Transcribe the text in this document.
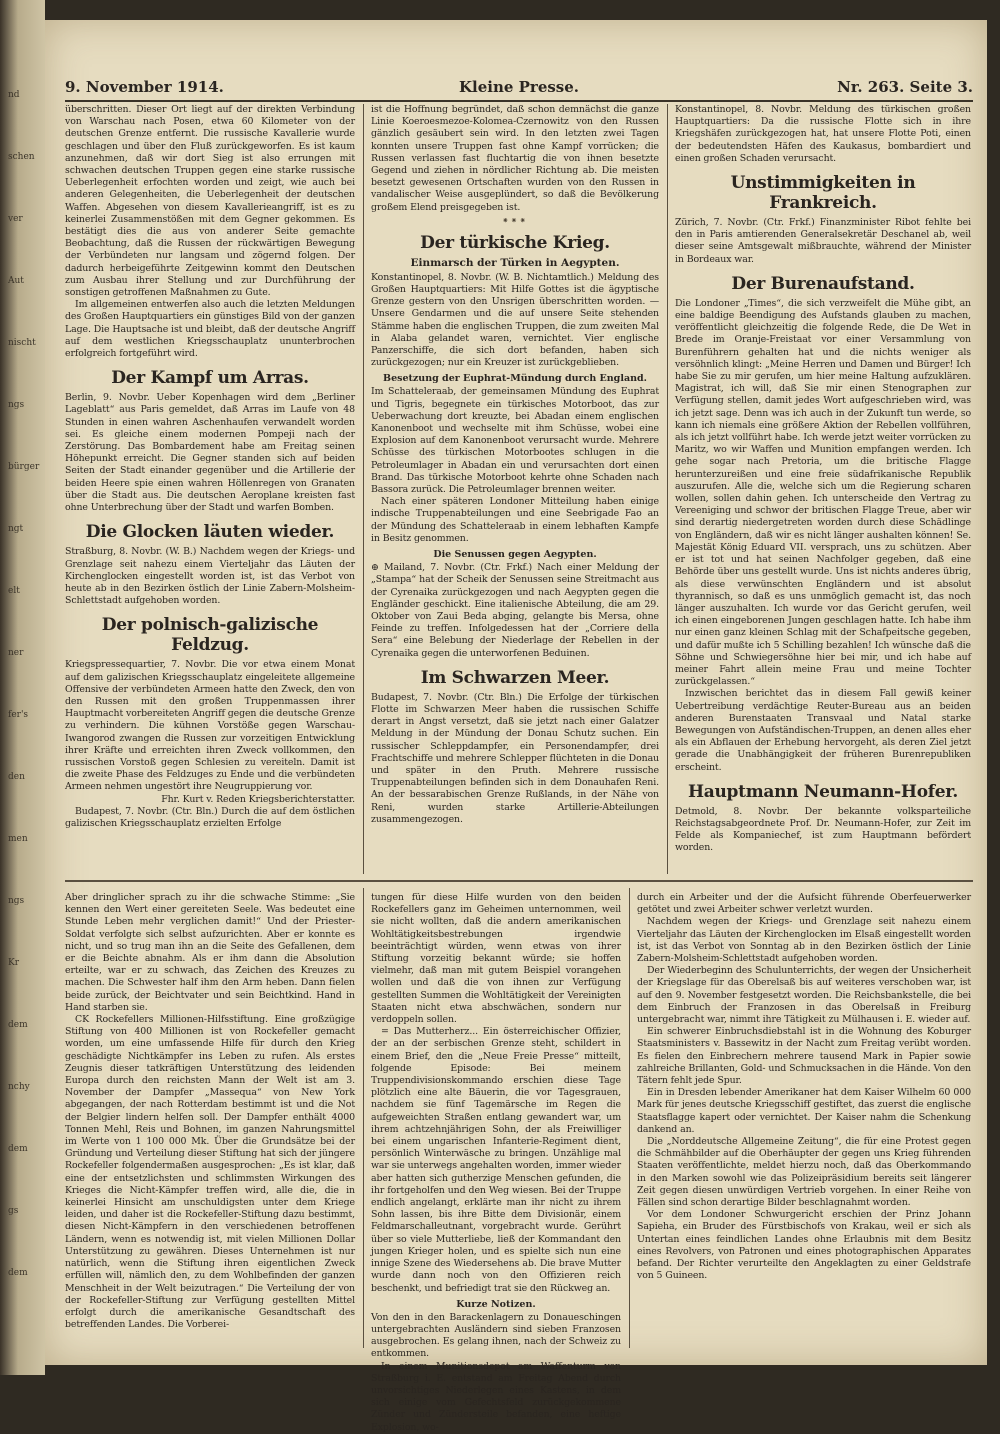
nd
schen
ver
Aut
nischt
ngs
bürger
ngt
elt
ner
fer's
den
men
ngs
Kr
dem
nchy
dem
gs
dem
9. November 1914.	Kleine Presse.	Nr. 263. Seite 3.

überschritten. Dieser Ort liegt auf der direkten Verbindung von Warschau nach Posen, etwa 60 Kilometer von der deutschen Grenze entfernt. Die russische Kavallerie wurde geschlagen und über den Fluß zurückgeworfen. Es ist kaum anzunehmen, daß wir dort Sieg ist also errungen mit schwachen deutschen Truppen gegen eine starke russische Ueberlegenheit erfochten worden und zeigt, wie auch bei anderen Gelegenheiten, die Ueberlegenheit der deutschen Waffen. Abgesehen von diesem Kavallerieangriff, ist es zu keinerlei Zusammenstößen mit dem Gegner gekommen. Es bestätigt dies die aus von anderer Seite gemachte Beobachtung, daß die Russen der rückwärtigen Bewegung der Verbündeten nur langsam und zögernd folgen. Der dadurch herbeigeführte Zeitgewinn kommt den Deutschen zum Ausbau ihrer Stellung und zur Durchführung der sonstigen getroffenen Maßnahmen zu Gute.

Im allgemeinen entwerfen also auch die letzten Meldungen des Großen Hauptquartiers ein günstiges Bild von der ganzen Lage. Die Hauptsache ist und bleibt, daß der deutsche Angriff auf dem westlichen Kriegsschauplatz ununterbrochen erfolgreich fortgeführt wird.

Der Kampf um Arras.

Berlin, 9. Novbr. Ueber Kopenhagen wird dem „Berliner Lageblatt“ aus Paris gemeldet, daß Arras im Laufe von 48 Stunden in einen wahren Aschenhaufen verwandelt worden sei. Es gleiche einem modernen Pompeji nach der Zerstörung. Das Bombardement habe am Freitag seinen Höhepunkt erreicht. Die Gegner standen sich auf beiden Seiten der Stadt einander gegenüber und die Artillerie der beiden Heere spie einen wahren Höllenregen von Granaten über die Stadt aus. Die deutschen Aeroplane kreisten fast ohne Unterbrechung über der Stadt und warfen Bomben.

Die Glocken läuten wieder.

Straßburg, 8. Novbr. (W. B.) Nachdem wegen der Kriegs- und Grenzlage seit nahezu einem Vierteljahr das Läuten der Kirchenglocken eingestellt worden ist, ist das Verbot von heute ab in den Bezirken östlich der Linie Zabern-Molsheim-Schlettstadt aufgehoben worden.

Der polnisch-galizische Feldzug.

Kriegspressequartier, 7. Novbr. Die vor etwa einem Monat auf dem galizischen Kriegsschauplatz eingeleitete allgemeine Offensive der verbündeten Armeen hatte den Zweck, den von den Russen mit den großen Truppenmassen ihrer Hauptmacht vorbereiteten Angriff gegen die deutsche Grenze zu verhindern. Die kühnen Vorstöße gegen Warschau-Iwangorod zwangen die Russen zur vorzeitigen Entwicklung ihrer Kräfte und erreichten ihren Zweck vollkommen, den russischen Vorstoß gegen Schlesien zu vereiteln. Damit ist die zweite Phase des Feldzuges zu Ende und die verbündeten Armeen nehmen ungestört ihre Neugruppierung vor.

Fhr. Kurt v. Reden Kriegsberichterstatter.

Budapest, 7. Novbr. (Ctr. Bln.) Durch die auf dem östlichen galizischen Kriegsschauplatz erzielten Erfolge

ist die Hoffnung begründet, daß schon demnächst die ganze Linie Koeroesmezoe-Kolomea-Czernowitz von den Russen gänzlich gesäubert sein wird. In den letzten zwei Tagen konnten unsere Truppen fast ohne Kampf vorrücken; die Russen verlassen fast fluchtartig die von ihnen besetzte Gegend und ziehen in nördlicher Richtung ab. Die meisten besetzt gewesenen Ortschaften wurden von den Russen in vandalischer Weise ausgeplündert, so daß die Bevölkerung großem Elend preisgegeben ist.

⁕⁕⁕
Der türkische Krieg.
Einmarsch der Türken in Aegypten.

Konstantinopel, 8. Novbr. (W. B. Nichtamtlich.) Meldung des Großen Hauptquartiers: Mit Hilfe Gottes ist die ägyptische Grenze gestern von den Unsrigen überschritten worden. — Unsere Gendarmen und die auf unsere Seite stehenden Stämme haben die englischen Truppen, die zum zweiten Mal in Alaba gelandet waren, vernichtet. Vier englische Panzerschiffe, die sich dort befanden, haben sich zurückgezogen; nur ein Kreuzer ist zurückgeblieben.

Besetzung der Euphrat-Mündung durch England.

Im Schatteleraab, der gemeinsamen Mündung des Euphrat und Tigris, begegnete ein türkisches Motorboot, das zur Ueberwachung dort kreuzte, bei Abadan einem englischen Kanonenboot und wechselte mit ihm Schüsse, wobei eine Explosion auf dem Kanonenboot verursacht wurde. Mehrere Schüsse des türkischen Motorbootes schlugen in die Petroleumlager in Abadan ein und verursachten dort einen Brand. Das türkische Motorboot kehrte ohne Schaden nach Bassora zurück. Die Petroleumlager brennen weiter.

Nach einer späteren Londoner Mitteilung haben einige indische Truppenabteilungen und eine Seebrigade Fao an der Mündung des Schatteleraab in einem lebhaften Kampfe in Besitz genommen.

Die Senussen gegen Aegypten.

⊕ Mailand, 7. Novbr. (Ctr. Frkf.) Nach einer Meldung der „Stampa“ hat der Scheik der Senussen seine Streitmacht aus der Cyrenaika zurückgezogen und nach Aegypten gegen die Engländer geschickt. Eine italienische Abteilung, die am 29. Oktober von Zaui Beda abging, gelangte bis Mersa, ohne Feinde zu treffen. Infolgedessen hat der „Corriere della Sera“ eine Belebung der Niederlage der Rebellen in der Cyrenaika gegen die unterworfenen Beduinen.

Im Schwarzen Meer.

Budapest, 7. Novbr. (Ctr. Bln.) Die Erfolge der türkischen Flotte im Schwarzen Meer haben die russischen Schiffe derart in Angst versetzt, daß sie jetzt nach einer Galatzer Meldung in der Mündung der Donau Schutz suchen. Ein russischer Schleppdampfer, ein Personendampfer, drei Frachtschiffe und mehrere Schlepper flüchteten in die Donau und später in den Pruth. Mehrere russische Truppenabteilungen befinden sich in dem Donauhafen Reni. An der bessarabischen Grenze Rußlands, in der Nähe von Reni, wurden starke Artillerie-Abteilungen zusammengezogen.

Konstantinopel, 8. Novbr. Meldung des türkischen großen Hauptquartiers: Da die russische Flotte sich in ihre Kriegshäfen zurückgezogen hat, hat unsere Flotte Poti, einen der bedeutendsten Häfen des Kaukasus, bombardiert und einen großen Schaden verursacht.

Unstimmigkeiten in Frankreich.

Zürich, 7. Novbr. (Ctr. Frkf.) Finanzminister Ribot fehlte bei den in Paris amtierenden Generalsekretär Deschanel ab, weil dieser seine Amtsgewalt mißbrauchte, während der Minister in Bordeaux war.

Der Burenaufstand.

Die Londoner „Times“, die sich verzweifelt die Mühe gibt, an eine baldige Beendigung des Aufstands glauben zu machen, veröffentlicht gleichzeitig die folgende Rede, die De Wet in Brede im Oranje-Freistaat vor einer Versammlung von Burenführern gehalten hat und die nichts weniger als versöhnlich klingt: „Meine Herren und Damen und Bürger! Ich habe Sie zu mir gerufen, um hier meine Haltung aufzuklären. Magistrat, ich will, daß Sie mir einen Stenographen zur Verfügung stellen, damit jedes Wort aufgeschrieben wird, was ich jetzt sage. Denn was ich auch in der Zukunft tun werde, so kann ich niemals eine größere Aktion der Rebellen vollführen, als ich jetzt vollführt habe. Ich werde jetzt weiter vorrücken zu Maritz, wo wir Waffen und Munition empfangen werden. Ich gehe sogar nach Pretoria, um die britische Flagge herunterzureißen und eine freie südafrikanische Republik auszurufen. Alle die, welche sich um die Regierung scharen wollen, sollen dahin gehen. Ich unterscheide den Vertrag zu Vereeniging und schwor der britischen Flagge Treue, aber wir sind derartig niedergetreten worden durch diese Schädlinge von Engländern, daß wir es nicht länger aushalten können! Se. Majestät König Eduard VII. versprach, uns zu schützen. Aber er ist tot und hat seinen Nachfolger gegeben, daß eine Behörde über uns gestellt wurde. Uns ist nichts anderes übrig, als diese verwünschten Engländern und ist absolut thyrannisch, so daß es uns unmöglich gemacht ist, das noch länger auszuhalten. Ich wurde vor das Gericht gerufen, weil ich einen eingeborenen Jungen geschlagen hatte. Ich habe ihm nur einen ganz kleinen Schlag mit der Schafpeitsche gegeben, und dafür mußte ich 5 Schilling bezahlen! Ich wünsche daß die Söhne und Schwiegersöhne hier bei mir, und ich habe auf meiner Fahrt allein meine Frau und meine Tochter zurückgelassen.“

Inzwischen berichtet das in diesem Fall gewiß keiner Uebertreibung verdächtige Reuter-Bureau aus an beiden anderen Burenstaaten Transvaal und Natal starke Bewegungen von Aufständischen-Truppen, an denen alles eher als ein Abflauen der Erhebung hervorgeht, als deren Ziel jetzt gerade die Unabhängigkeit der früheren Burenrepubliken erscheint.

Hauptmann Neumann-Hofer.

Detmold, 8. Novbr. Der bekannte volksparteiliche Reichstagsabgeordnete Prof. Dr. Neumann-Hofer, zur Zeit im Felde als Kompaniechef, ist zum Hauptmann befördert worden.

Aber dringlicher sprach zu ihr die schwache Stimme: „Sie kennen den Wert einer gereiteten Seele. Was bedeutet eine Stunde Leben mehr verglichen damit!“ Und der Priester-Soldat verfolgte sich selbst aufzurichten. Aber er konnte es nicht, und so trug man ihn an die Seite des Gefallenen, dem er die Beichte abnahm. Als er ihm dann die Absolution erteilte, war er zu schwach, das Zeichen des Kreuzes zu machen. Die Schwester half ihm den Arm heben. Dann fielen beide zurück, der Beichtvater und sein Beichtkind. Hand in Hand starben sie.

CK Rockefellers Millionen-Hilfsstiftung. Eine großzügige Stiftung von 400 Millionen ist von Rockefeller gemacht worden, um eine umfassende Hilfe für durch den Krieg geschädigte Nichtkämpfer ins Leben zu rufen. Als erstes Zeugnis dieser tatkräftigen Unterstützung des leidenden Europa durch den reichsten Mann der Welt ist am 3. November der Dampfer „Massequa“ von New York abgegangen, der nach Rotterdam bestimmt ist und die Not der Belgier lindern helfen soll. Der Dampfer enthält 4000 Tonnen Mehl, Reis und Bohnen, im ganzen Nahrungsmittel im Werte von 1 100 000 Mk. Über die Grundsätze bei der Gründung und Verteilung dieser Stiftung hat sich der jüngere Rockefeller folgendermaßen ausgesprochen: „Es ist klar, daß eine der entsetzlichsten und schlimmsten Wirkungen des Krieges die Nicht-Kämpfer treffen wird, alle die, die in keinerlei Hinsicht am unschuldigsten unter dem Kriege leiden, und daher ist die Rockefeller-Stiftung dazu bestimmt, diesen Nicht-Kämpfern in den verschiedenen betroffenen Ländern, wenn es notwendig ist, mit vielen Millionen Dollar Unterstützung zu gewähren. Dieses Unternehmen ist nur natürlich, wenn die Stiftung ihren eigentlichen Zweck erfüllen will, nämlich den, zu dem Wohlbefinden der ganzen Menschheit in der Welt beizutragen.“ Die Verteilung der von der Rockefeller-Stiftung zur Verfügung gestellten Mittel erfolgt durch die amerikanische Gesandtschaft des betreffenden Landes. Die Vorberei-

tungen für diese Hilfe wurden von den beiden Rockefellers ganz im Geheimen unternommen, weil sie nicht wollten, daß die andern amerikanischen Wohltätigkeitsbestrebungen irgendwie beeinträchtigt würden, wenn etwas von ihrer Stiftung vorzeitig bekannt würde; sie hoffen vielmehr, daß man mit gutem Beispiel vorangehen wollen und daß die von ihnen zur Verfügung gestellten Summen die Wohltätigkeit der Vereinigten Staaten nicht etwa abschwächen, sondern nur verdoppeln sollen.

= Das Mutterherz... Ein österreichischer Offizier, der an der serbischen Grenze steht, schildert in einem Brief, den die „Neue Freie Presse“ mitteilt, folgende Episode: Bei meinem Truppendivisionskommando erschien diese Tage plötzlich eine alte Bäuerin, die vor Tagesgrauen, nachdem sie fünf Tagemärsche im Regen die aufgeweichten Straßen entlang gewandert war, um ihrem achtzehnjährigen Sohn, der als Freiwilliger bei einem ungarischen Infanterie-Regiment dient, persönlich Winterwäsche zu bringen. Unzählige mal war sie unterwegs angehalten worden, immer wieder aber hatten sich gutherzige Menschen gefunden, die ihr fortgeholfen und den Weg wiesen. Bei der Truppe endlich angelangt, erklärte man ihr nicht zu ihrem Sohn lassen, bis ihre Bitte dem Divisionär, einem Feldmarschalleutnant, vorgebracht wurde. Gerührt über so viele Mutterliebe, ließ der Kommandant den jungen Krieger holen, und es spielte sich nun eine innige Szene des Wiedersehens ab. Die brave Mutter wurde dann noch von den Offizieren reich beschenkt, und befriedigt trat sie den Rückweg an.

Kurze Notizen.

Von den in den Barackenlagern zu Donaueschingen untergebrachten Ausländern sind sieben Franzosen ausgebrochen. Es gelang ihnen, nach der Schweiz zu entkommen.

In einem Munitionsdepot am Waffenturm von Straßburg i. E. entstand am Freitag Abend durch unvorsichtiges Niederlegen eines Kastens, in dem sich einige vom Gefechtsfeld zurückgekommene Zünder und Zündersteile befanden, eine heftige Explosion, wo-

durch ein Arbeiter und der die Aufsicht führende Oberfeuerwerker getötet und zwei Arbeiter schwer verletzt wurden.

Nachdem wegen der Kriegs- und Grenzlage seit nahezu einem Vierteljahr das Läuten der Kirchenglocken im Elsaß eingestellt worden ist, ist das Verbot von Sonntag ab in den Bezirken östlich der Linie Zabern-Molsheim-Schlettstadt aufgehoben worden.

Der Wiederbeginn des Schulunterrichts, der wegen der Unsicherheit der Kriegslage für das Oberelsaß bis auf weiteres verschoben war, ist auf den 9. November festgesetzt worden. Die Reichsbankstelle, die bei dem Einbruch der Franzosen in das Oberelsaß in Freiburg untergebracht war, nimmt ihre Tätigkeit zu Mülhausen i. E. wieder auf.

Ein schwerer Einbruchsdiebstahl ist in die Wohnung des Koburger Staatsministers v. Bassewitz in der Nacht zum Freitag verübt worden. Es fielen den Einbrechern mehrere tausend Mark in Papier sowie zahlreiche Brillanten, Gold- und Schmucksachen in die Hände. Von den Tätern fehlt jede Spur.

Ein in Dresden lebender Amerikaner hat dem Kaiser Wilhelm 60 000 Mark für jenes deutsche Kriegsschiff gestiftet, das zuerst die englische Staatsflagge kapert oder vernichtet. Der Kaiser nahm die Schenkung dankend an.

Die „Norddeutsche Allgemeine Zeitung“, die für eine Protest gegen die Schmähbilder auf die Oberhäupter der gegen uns Krieg führenden Staaten veröffentlichte, meldet hierzu noch, daß das Oberkommando in den Marken sowohl wie das Polizeipräsidium bereits seit längerer Zeit gegen diesen unwürdigen Vertrieb vorgehen. In einer Reihe von Fällen sind schon derartige Bilder beschlagnahmt worden.

Vor dem Londoner Schwurgericht erschien der Prinz Johann Sapieha, ein Bruder des Fürstbischofs von Krakau, weil er sich als Untertan eines feindlichen Landes ohne Erlaubnis mit dem Besitz eines Revolvers, von Patronen und eines photographischen Apparates befand. Der Richter verurteilte den Angeklagten zu einer Geldstrafe von 5 Guineen.
